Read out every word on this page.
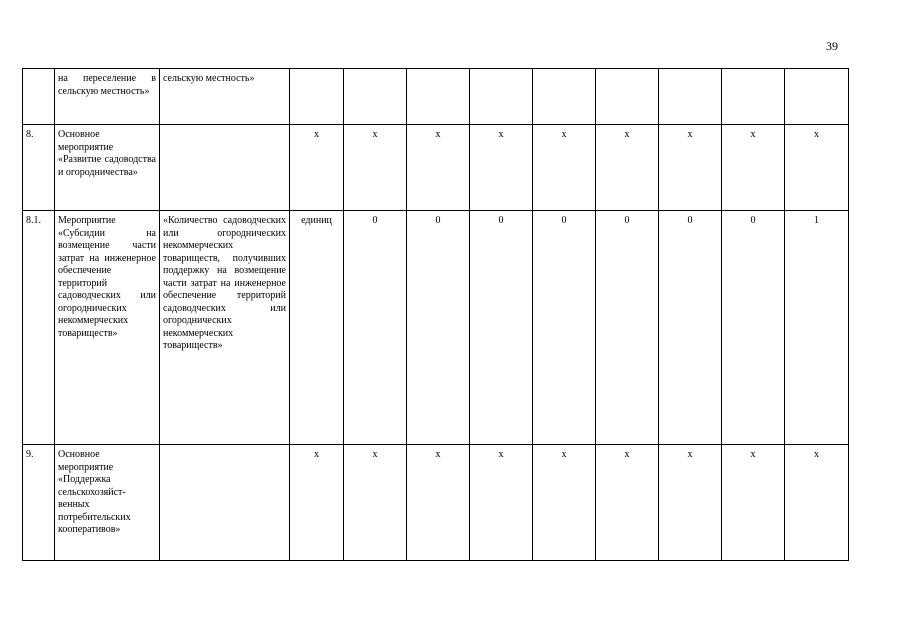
39
	на переселение в сельскую местность»	сельскую местность»									
8.	Основное мероприятие «Развитие садоводства и огородничества»		х	х	х	х	х	х	х	х	х
8.1.	Мероприятие «Субсидии на возмещение части затрат на инженерное обеспечение территорий садоводческих или огороднических некоммерческих товариществ»	«Количество садоводческих или огороднических некоммерческих товариществ, получивших поддержку на возмещение части затрат на инженерное обеспечение территорий садоводческих или огороднических некоммерческих товариществ»	единиц	0	0	0	0	0	0	0	1
9.	Основное мероприятие «Поддержка сельскохозяйст-венных потребительских кооперативов»		х	х	х	х	х	х	х	х	х
